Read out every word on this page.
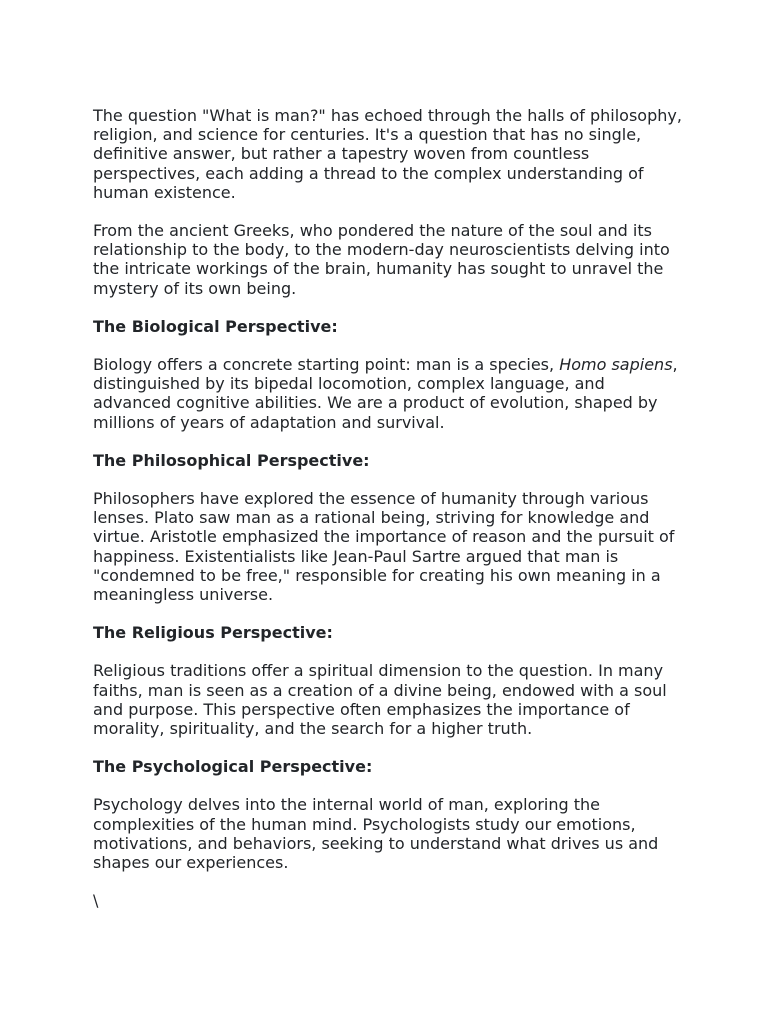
The question "What is man?" has echoed through the halls of philosophy, religion, and science for centuries. It's a question that has no single, definitive answer, but rather a tapestry woven from countless perspectives, each adding a thread to the complex understanding of human existence.

From the ancient Greeks, who pondered the nature of the soul and its relationship to the body, to the modern-day neuroscientists delving into the intricate workings of the brain, humanity has sought to unravel the mystery of its own being.

The Biological Perspective:

Biology offers a concrete starting point: man is a species, Homo sapiens, distinguished by its bipedal locomotion, complex language, and advanced cognitive abilities. We are a product of evolution, shaped by millions of years of adaptation and survival.

The Philosophical Perspective:

Philosophers have explored the essence of humanity through various lenses. Plato saw man as a rational being, striving for knowledge and virtue. Aristotle emphasized the importance of reason and the pursuit of happiness. Existentialists like Jean-Paul Sartre argued that man is "condemned to be free," responsible for creating his own meaning in a meaningless universe.

The Religious Perspective:

Religious traditions offer a spiritual dimension to the question. In many faiths, man is seen as a creation of a divine being, endowed with a soul and purpose. This perspective often emphasizes the importance of morality, spirituality, and the search for a higher truth.

The Psychological Perspective:

Psychology delves into the internal world of man, exploring the complexities of the human mind. Psychologists study our emotions, motivations, and behaviors, seeking to understand what drives us and shapes our experiences.

\
